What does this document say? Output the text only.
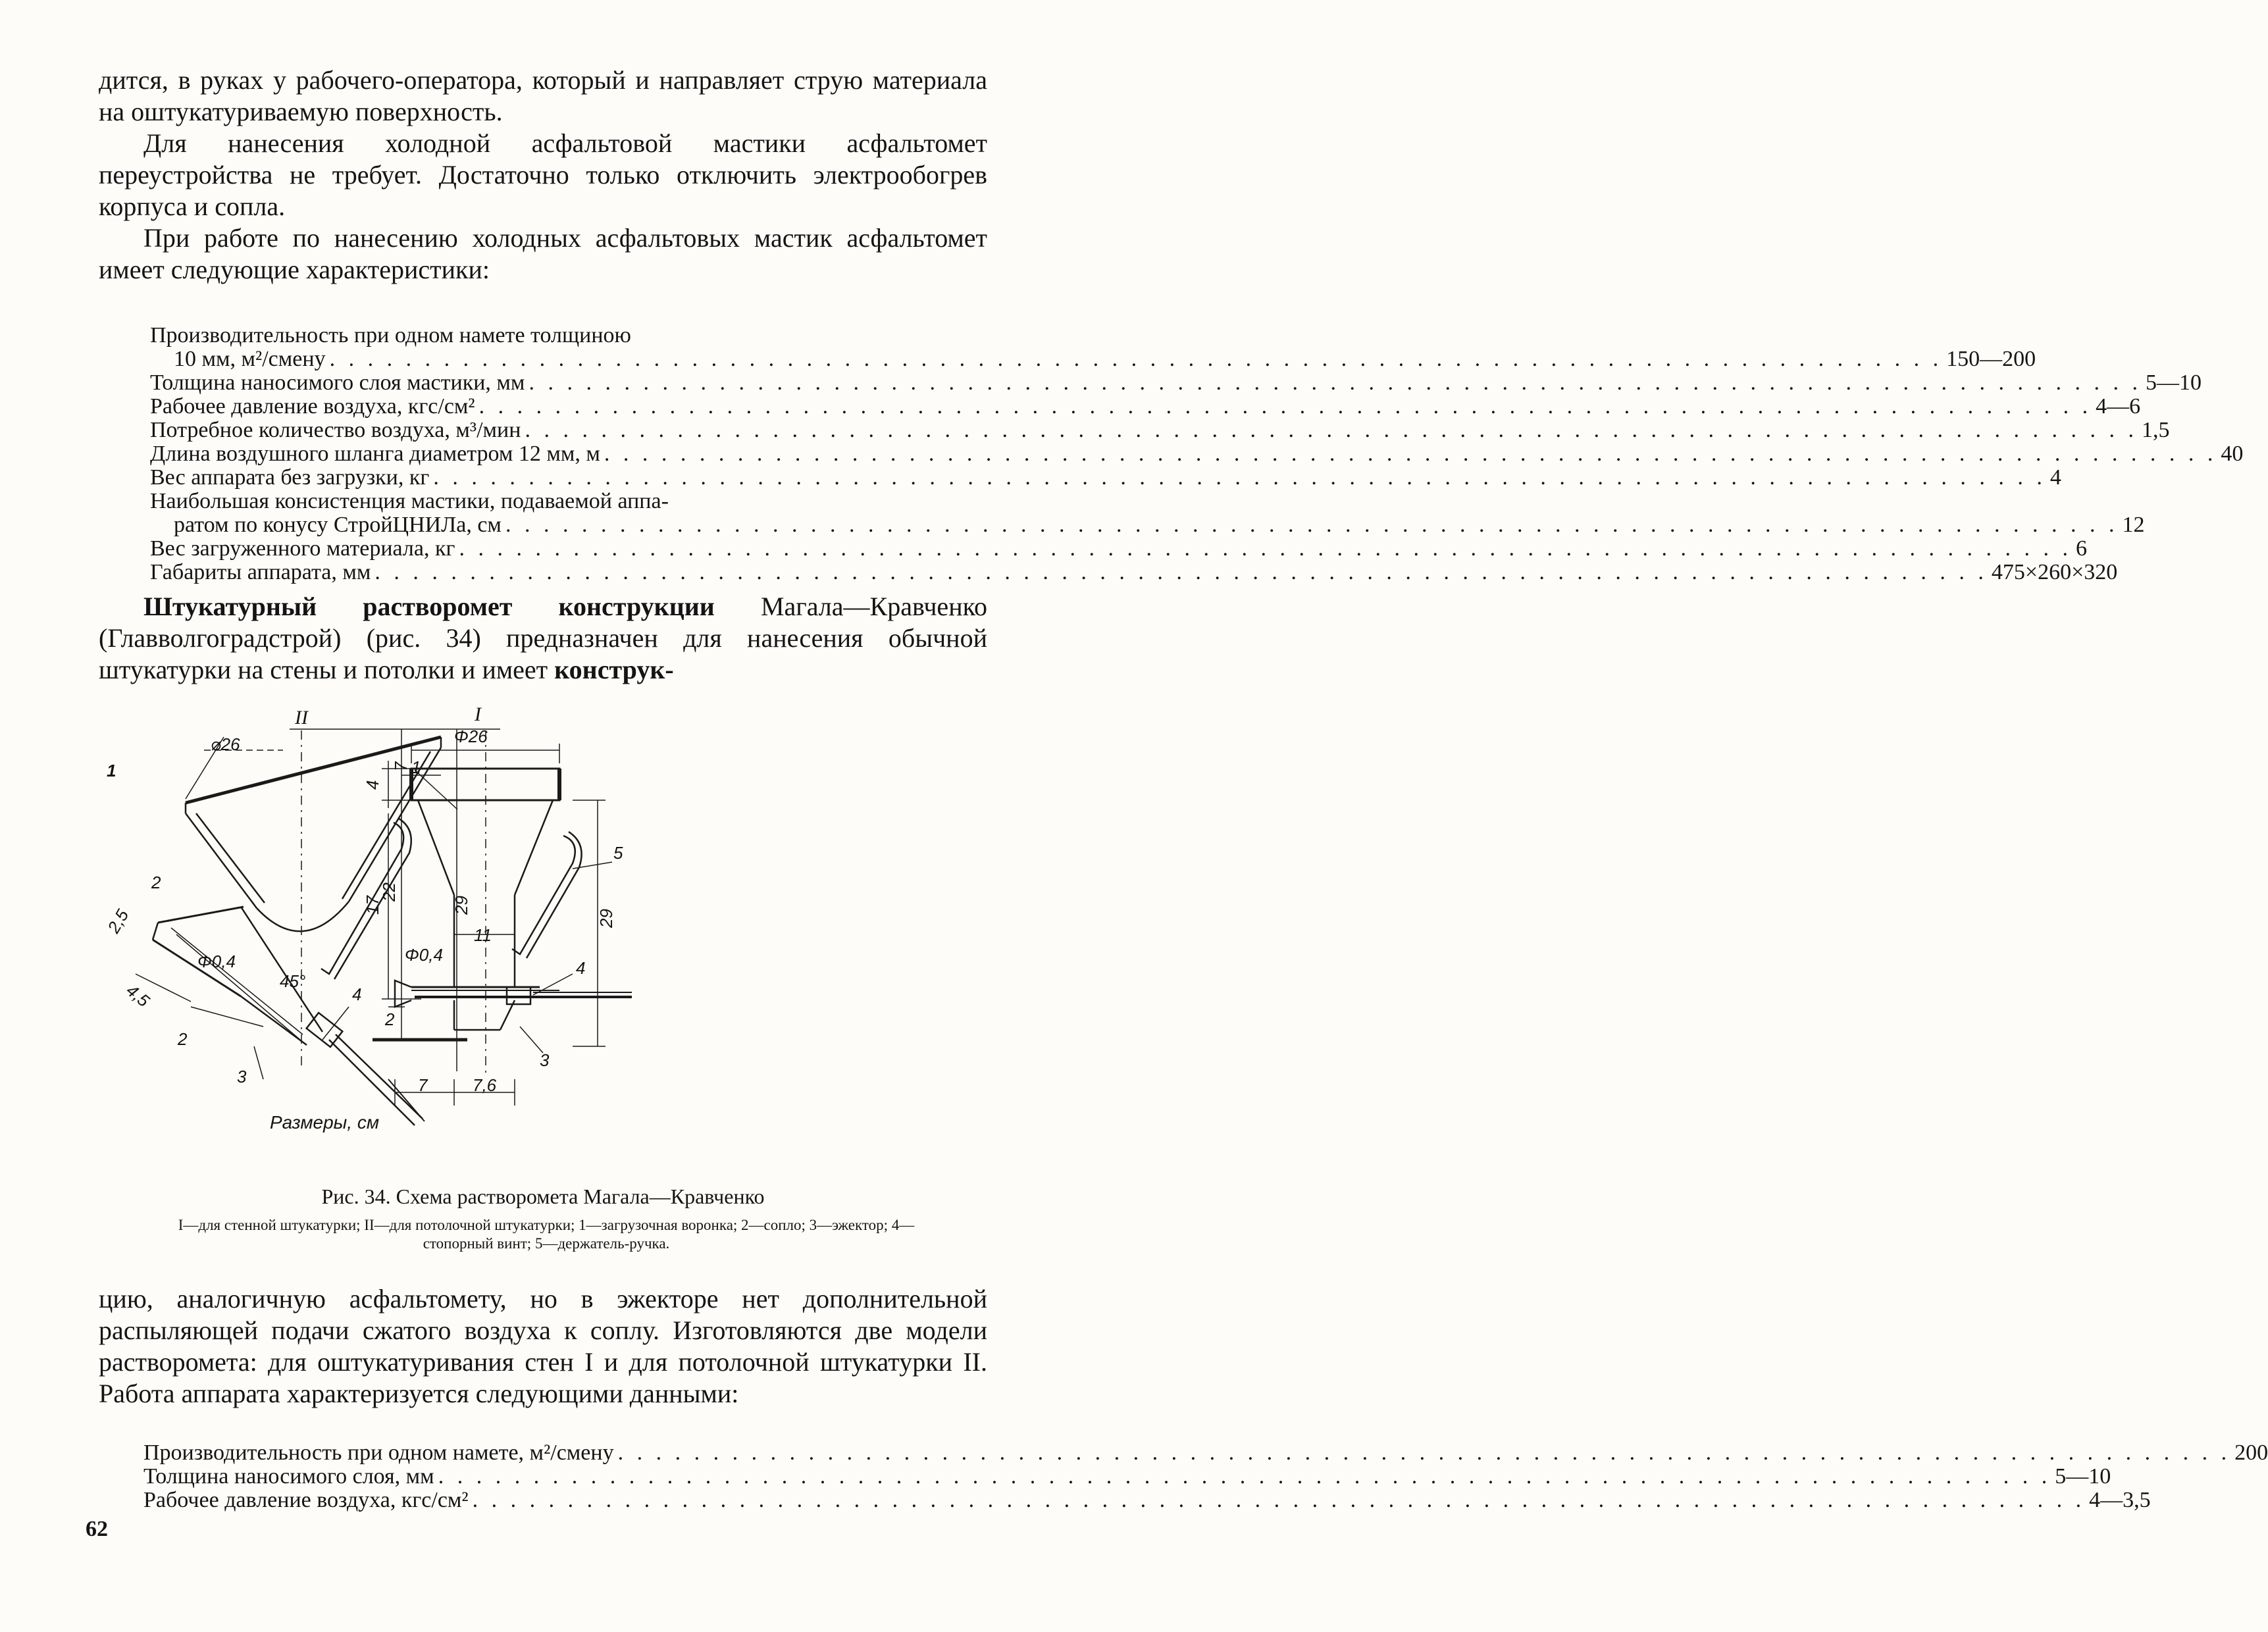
дится, в руках у рабочего-оператора, который и направляет струю материала на оштукатуриваемую поверхность.

Для нанесения холодной асфальтовой мастики асфальтомет переустройства не требует. Достаточно только отключить электрообогрев корпуса и сопла.

При работе по нанесению холодных асфальтовых мастик асфальтомет имеет следующие характеристики:

Производительность при одном намете толщиною
10 мм, м²/смену . . .	150—200
Толщина наносимого слоя мастики, мм . . .	5—10
Рабочее давление воздуха, кгс/см² . . .	4—6
Потребное количество воздуха, м³/мин . . .	1,5
Длина воздушного шланга диаметром 12 мм, м . . .	40
Вес аппарата без загрузки, кг . . .	4
Наибольшая консистенция мастики, подаваемой аппа-
ратом по конусу СтройЦНИЛа, см . . .	12
Вес загруженного материала, кг . . .	6
Габариты аппарата, мм . . .	475×260×320

Штукатурный растворомет конструкции Магала—Кравченко (Главволгоградстрой) (рис. 34) предназначен для нанесения обычной штукатурки на стены и потолки и имеет конструк-

II	I
⌀26
7
22
29
2,5
Φ0,4
4,5	45°
2
1
2
3
4
Размеры, см
Φ26
4
17
11
29
Φ0,4
7	7,6
1
2
3
4
5
Рис. 34. Схема растворомета Магала—Кравченко
I—для стенной штукатурки; II—для потолочной штукатурки; 1—загрузочная воронка; 2—сопло; 3—эжектор; 4—стопорный винт; 5—держатель-ручка.

цию, аналогичную асфальтомету, но в эжекторе нет дополнительной распыляющей подачи сжатого воздуха к соплу. Изготовляются две модели растворомета: для оштукатуривания стен I и для потолочной штукатурки II. Работа аппарата характеризуется следующими данными:

Производительность при одном намете, м²/смену . . .	200
Толщина наносимого слоя, мм . . .	5—10
Рабочее давление воздуха, кгс/см² . . .	4—3,5
62
